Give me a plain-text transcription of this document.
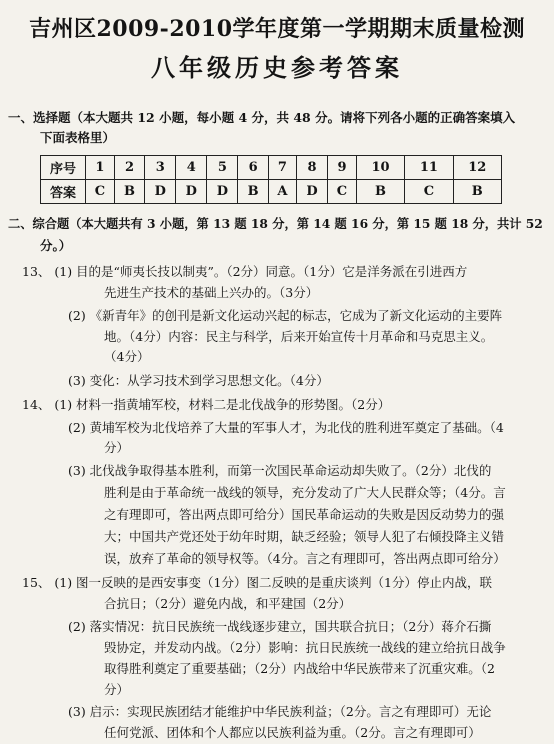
吉州区2009-2010学年度第一学期期末质量检测
八年级历史参考答案
一、选择题（本大题共 12 小题，每小题 4 分，共 48 分。请将下列各小题的正确答案填入
下面表格里）
序号	1	2	3	4	5	6	7	8	9	10	11	12
答案	C	B	D	D	D	B	A	D	C	B	C	B
二、综合题（本大题共有 3 小题，第 13 题 18 分，第 14 题 16 分，第 15 题 18 分，共计 52
分。）
13、 (1) 目的是“师夷长技以制夷”。（2分）同意。（1分）它是洋务派在引进西方
先进生产技术的基础上兴办的。（3分）
(2) 《新青年》的创刊是新文化运动兴起的标志，它成为了新文化运动的主要阵
地。（4分）内容：民主与科学，后来开始宣传十月革命和马克思主义。
（4分）
(3) 变化：从学习技术到学习思想文化。（4分）
14、 (1) 材料一指黄埔军校，材料二是北伐战争的形势图。（2分）
(2) 黄埔军校为北伐培养了大量的军事人才，为北伐的胜利进军奠定了基础。（4
分）
(3) 北伐战争取得基本胜利，而第一次国民革命运动却失败了。（2分）北伐的
胜利是由于革命统一战线的领导，充分发动了广大人民群众等；（4分。言
之有理即可，答出两点即可给分）国民革命运动的失败是因反动势力的强
大；中国共产党还处于幼年时期，缺乏经验；领导人犯了右倾投降主义错
误，放弃了革命的领导权等。（4分。言之有理即可，答出两点即可给分）
15、 (1) 图一反映的是西安事变（1分）图二反映的是重庆谈判（1分）停止内战，联
合抗日；（2分）避免内战，和平建国（2分）
(2) 落实情况：抗日民族统一战线逐步建立，国共联合抗日；（2分）蒋介石撕
毁协定，并发动内战。（2分）影响：抗日民族统一战线的建立给抗日战争
取得胜利奠定了重要基础；（2分）内战给中华民族带来了沉重灾难。（2
分）
(3) 启示：实现民族团结才能维护中华民族利益；（2分。言之有理即可）无论
任何党派、团体和个人都应以民族利益为重。（2分。言之有理即可）
